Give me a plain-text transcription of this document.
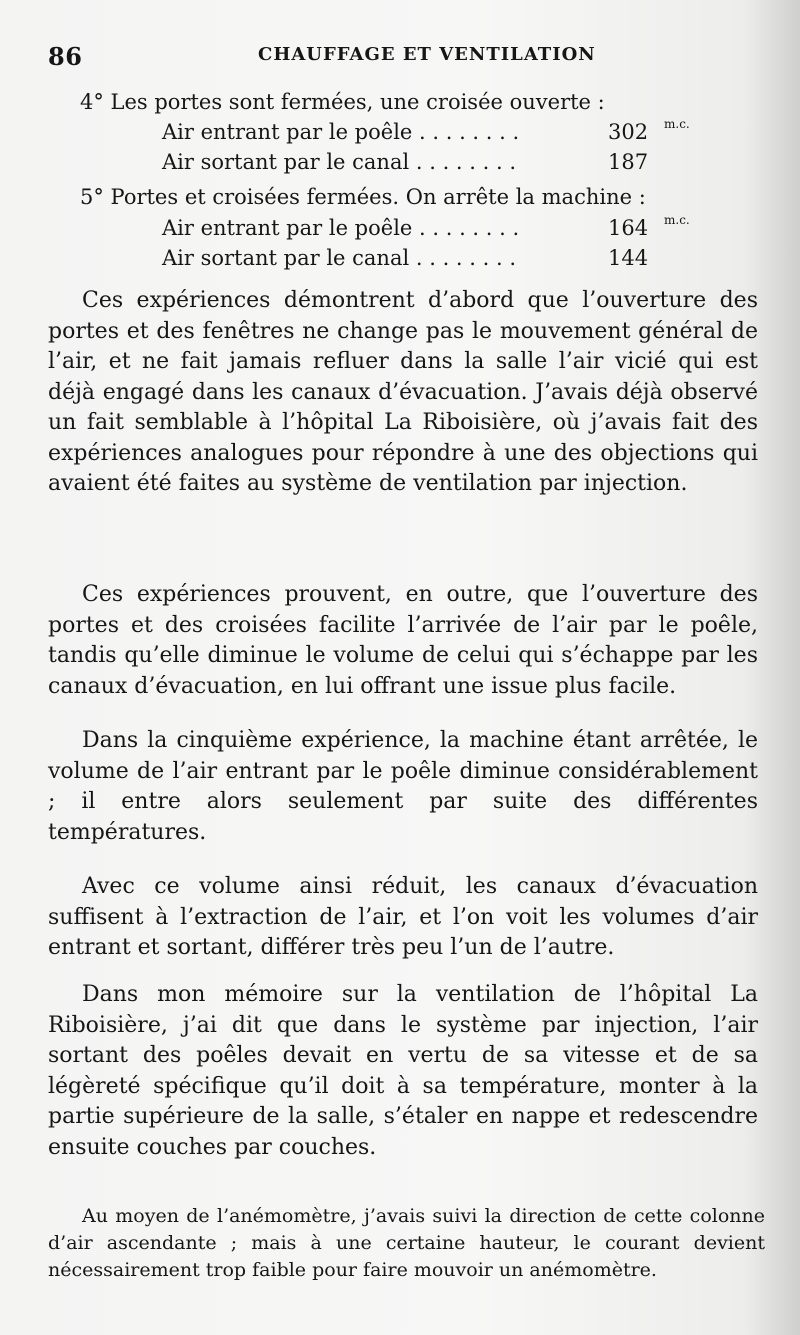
86	CHAUFFAGE ET VENTILATION
4° Les portes sont fermées, une croisée ouverte :
Air entrant par le poêle . . . . . . . .	302 m.c.
Air sortant par le canal . . . . . . . .	187
5° Portes et croisées fermées. On arrête la machine :
Air entrant par le poêle . . . . . . . .	164 m.c.
Air sortant par le canal . . . . . . . .	144
Ces expériences démontrent d’abord que l’ouverture des portes et des fenêtres ne change pas le mouvement général de l’air, et ne fait jamais refluer dans la salle l’air vicié qui est déjà engagé dans les canaux d’évacuation. J’avais déjà observé un fait semblable à l’hôpital La Riboisière, où j’avais fait des expériences analogues pour répondre à une des objections qui avaient été faites au système de ventilation par injection.
Ces expériences prouvent, en outre, que l’ouverture des portes et des croisées facilite l’arrivée de l’air par le poêle, tandis qu’elle diminue le volume de celui qui s’échappe par les canaux d’évacuation, en lui offrant une issue plus facile.
Dans la cinquième expérience, la machine étant arrêtée, le volume de l’air entrant par le poêle diminue considérablement ; il entre alors seulement par suite des différentes températures.
Avec ce volume ainsi réduit, les canaux d’évacuation suffisent à l’extraction de l’air, et l’on voit les volumes d’air entrant et sortant, différer très peu l’un de l’autre.
Dans mon mémoire sur la ventilation de l’hôpital La Riboisière, j’ai dit que dans le système par injection, l’air sortant des poêles devait en vertu de sa vitesse et de sa légèreté spécifique qu’il doit à sa température, monter à la partie supérieure de la salle, s’étaler en nappe et redescendre ensuite couches par couches.
Au moyen de l’anémomètre, j’avais suivi la direction de cette colonne d’air ascendante ; mais à une certaine hauteur, le courant devient nécessairement trop faible pour faire mouvoir un anémomètre.
